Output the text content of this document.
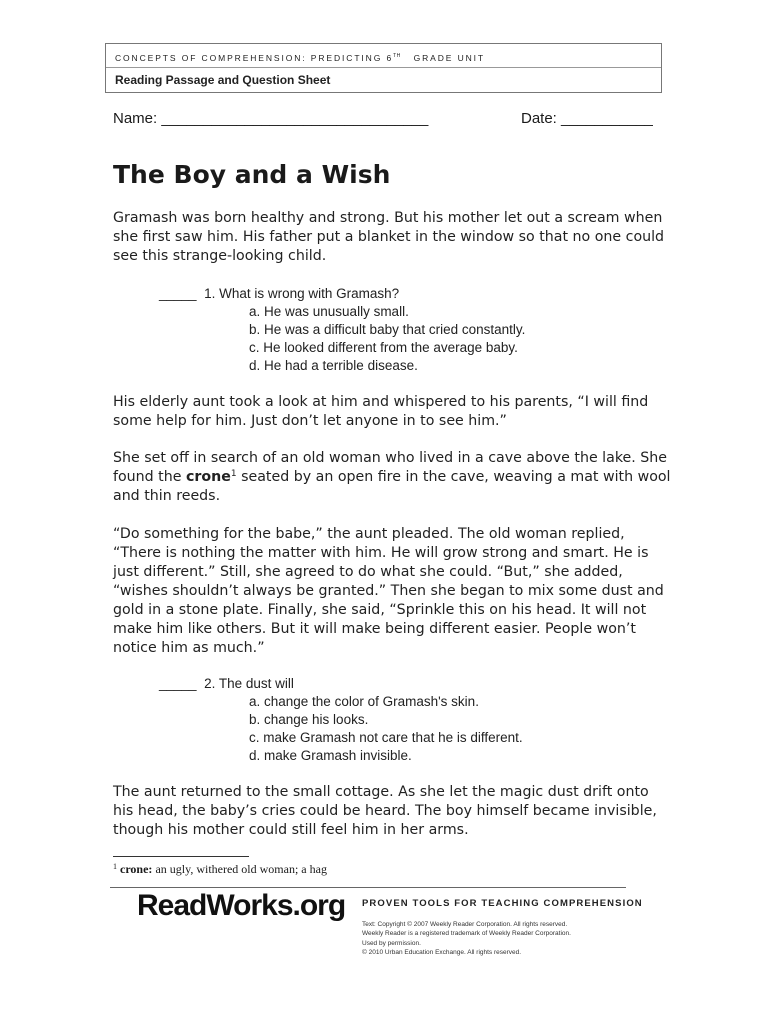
CONCEPTS OF COMPREHENSION: PREDICTING 6TH GRADE UNIT
Reading Passage and Question Sheet
Name: ________________________________	Date: ___________
The Boy and a Wish
Gramash was born healthy and strong. But his mother let out a scream when she first saw him. His father put a blanket in the window so that no one could see this strange-looking child.
_____ 1. What is wrong with Gramash?
a. He was unusually small.
b. He was a difficult baby that cried constantly.
c. He looked different from the average baby.
d. He had a terrible disease.
His elderly aunt took a look at him and whispered to his parents, “I will find some help for him. Just don’t let anyone in to see him.”
She set off in search of an old woman who lived in a cave above the lake. She found the crone$^1$ seated by an open fire in the cave, weaving a mat with wool and thin reeds.
“Do something for the babe,” the aunt pleaded. The old woman replied, “There is nothing the matter with him. He will grow strong and smart. He is just different.” Still, she agreed to do what she could. “But,” she added, “wishes shouldn’t always be granted.” Then she began to mix some dust and gold in a stone plate. Finally, she said, “Sprinkle this on his head. It will not make him like others. But it will make being different easier. People won’t notice him as much.”
_____ 2. The dust will
a. change the color of Gramash's skin.
b. change his looks.
c. make Gramash not care that he is different.
d. make Gramash invisible.
The aunt returned to the small cottage. As she let the magic dust drift onto his head, the baby’s cries could be heard. The boy himself became invisible, though his mother could still feel him in her arms.
$^1$ crone: an ugly, withered old woman; a hag
ReadWorks.org PROVEN TOOLS FOR TEACHING COMPREHENSION
Text: Copyright © 2007 Weekly Reader Corporation. All rights reserved.
Weekly Reader is a registered trademark of Weekly Reader Corporation.
Used by permission.
© 2010 Urban Education Exchange. All rights reserved.
